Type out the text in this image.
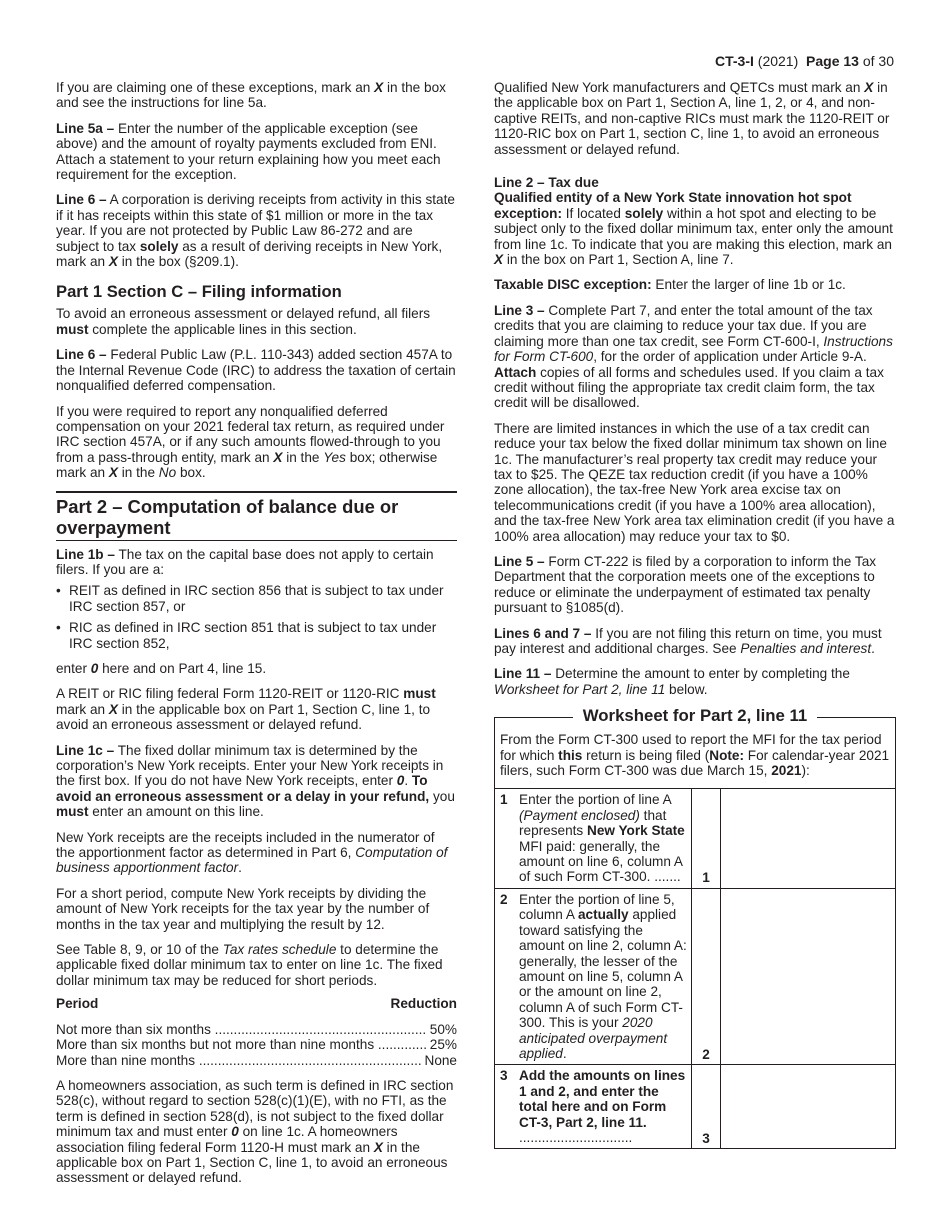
CT-3-I (2021) Page 13 of 30

If you are claiming one of these exceptions, mark an X in the box and see the instructions for line 5a.

Line 5a – Enter the number of the applicable exception (see above) and the amount of royalty payments excluded from ENI. Attach a statement to your return explaining how you meet each requirement for the exception.

Line 6 – A corporation is deriving receipts from activity in this state if it has receipts within this state of $1 million or more in the tax year. If you are not protected by Public Law 86-272 and are subject to tax solely as a result of deriving receipts in New York, mark an X in the box (§209.1).

Part 1 Section C – Filing information

To avoid an erroneous assessment or delayed refund, all filers must complete the applicable lines in this section.

Line 6 – Federal Public Law (P.L. 110-343) added section 457A to the Internal Revenue Code (IRC) to address the taxation of certain nonqualified deferred compensation.

If you were required to report any nonqualified deferred compensation on your 2021 federal tax return, as required under IRC section 457A, or if any such amounts flowed-through to you from a pass-through entity, mark an X in the Yes box; otherwise mark an X in the No box.

Part 2 – Computation of balance due or overpayment

Line 1b – The tax on the capital base does not apply to certain filers. If you are a:

• REIT as defined in IRC section 856 that is subject to tax under IRC section 857, or
• RIC as defined in IRC section 851 that is subject to tax under IRC section 852,

enter 0 here and on Part 4, line 15.

A REIT or RIC filing federal Form 1120-REIT or 1120-RIC must mark an X in the applicable box on Part 1, Section C, line 1, to avoid an erroneous assessment or delayed refund.

Line 1c – The fixed dollar minimum tax is determined by the corporation’s New York receipts. Enter your New York receipts in the first box. If you do not have New York receipts, enter 0. To avoid an erroneous assessment or a delay in your refund, you must enter an amount on this line.

New York receipts are the receipts included in the numerator of the apportionment factor as determined in Part 6, Computation of business apportionment factor.

For a short period, compute New York receipts by dividing the amount of New York receipts for the tax year by the number of months in the tax year and multiplying the result by 12.

See Table 8, 9, or 10 of the Tax rates schedule to determine the applicable fixed dollar minimum tax to enter on line 1c. The fixed dollar minimum tax may be reduced for short periods.

Period	Reduction
Not more than six months .....	50%
More than six months but not more than nine months .....	25%
More than nine months .....	None

A homeowners association, as such term is defined in IRC section 528(c), without regard to section 528(c)(1)(E), with no FTI, as the term is defined in section 528(d), is not subject to the fixed dollar minimum tax and must enter 0 on line 1c. A homeowners association filing federal Form 1120-H must mark an X in the applicable box on Part 1, Section C, line 1, to avoid an erroneous assessment or delayed refund.

Qualified New York manufacturers and QETCs must mark an X in the applicable box on Part 1, Section A, line 1, 2, or 4, and non-captive REITs, and non-captive RICs must mark the 1120-REIT or 1120-RIC box on Part 1, section C, line 1, to avoid an erroneous assessment or delayed refund.

Line 2 – Tax due

Qualified entity of a New York State innovation hot spot exception: If located solely within a hot spot and electing to be subject only to the fixed dollar minimum tax, enter only the amount from line 1c. To indicate that you are making this election, mark an X in the box on Part 1, Section A, line 7.

Taxable DISC exception: Enter the larger of line 1b or 1c.

Line 3 – Complete Part 7, and enter the total amount of the tax credits that you are claiming to reduce your tax due. If you are claiming more than one tax credit, see Form CT-600-I, Instructions for Form CT-600, for the order of application under Article 9-A. Attach copies of all forms and schedules used. If you claim a tax credit without filing the appropriate tax credit claim form, the tax credit will be disallowed.

There are limited instances in which the use of a tax credit can reduce your tax below the fixed dollar minimum tax shown on line 1c. The manufacturer’s real property tax credit may reduce your tax to $25. The QEZE tax reduction credit (if you have a 100% zone allocation), the tax-free New York area excise tax on telecommunications credit (if you have a 100% area allocation), and the tax-free New York area tax elimination credit (if you have a 100% area allocation) may reduce your tax to $0.

Line 5 – Form CT-222 is filed by a corporation to inform the Tax Department that the corporation meets one of the exceptions to reduce or eliminate the underpayment of estimated tax penalty pursuant to §1085(d).

Lines 6 and 7 – If you are not filing this return on time, you must pay interest and additional charges. See Penalties and interest.

Line 11 – Determine the amount to enter by completing the Worksheet for Part 2, line 11 below.

Worksheet for Part 2, line 11
From the Form CT-300 used to report the MFI for the tax period for which this return is being filed (Note: For calendar-year 2021 filers, such Form CT-300 was due March 15, 2021):
1 Enter the portion of line A (Payment enclosed) that represents New York State MFI paid: generally, the amount on line 6, column A of such Form CT-300. .......	1
2 Enter the portion of line 5, column A actually applied toward satisfying the amount on line 2, column A: generally, the lesser of the amount on line 5, column A or the amount on line 2, column A of such Form CT-300. This is your 2020 anticipated overpayment applied.	2
3 Add the amounts on lines 1 and 2, and enter the total here and on Form CT-3, Part 2, line 11. ..............................	3
